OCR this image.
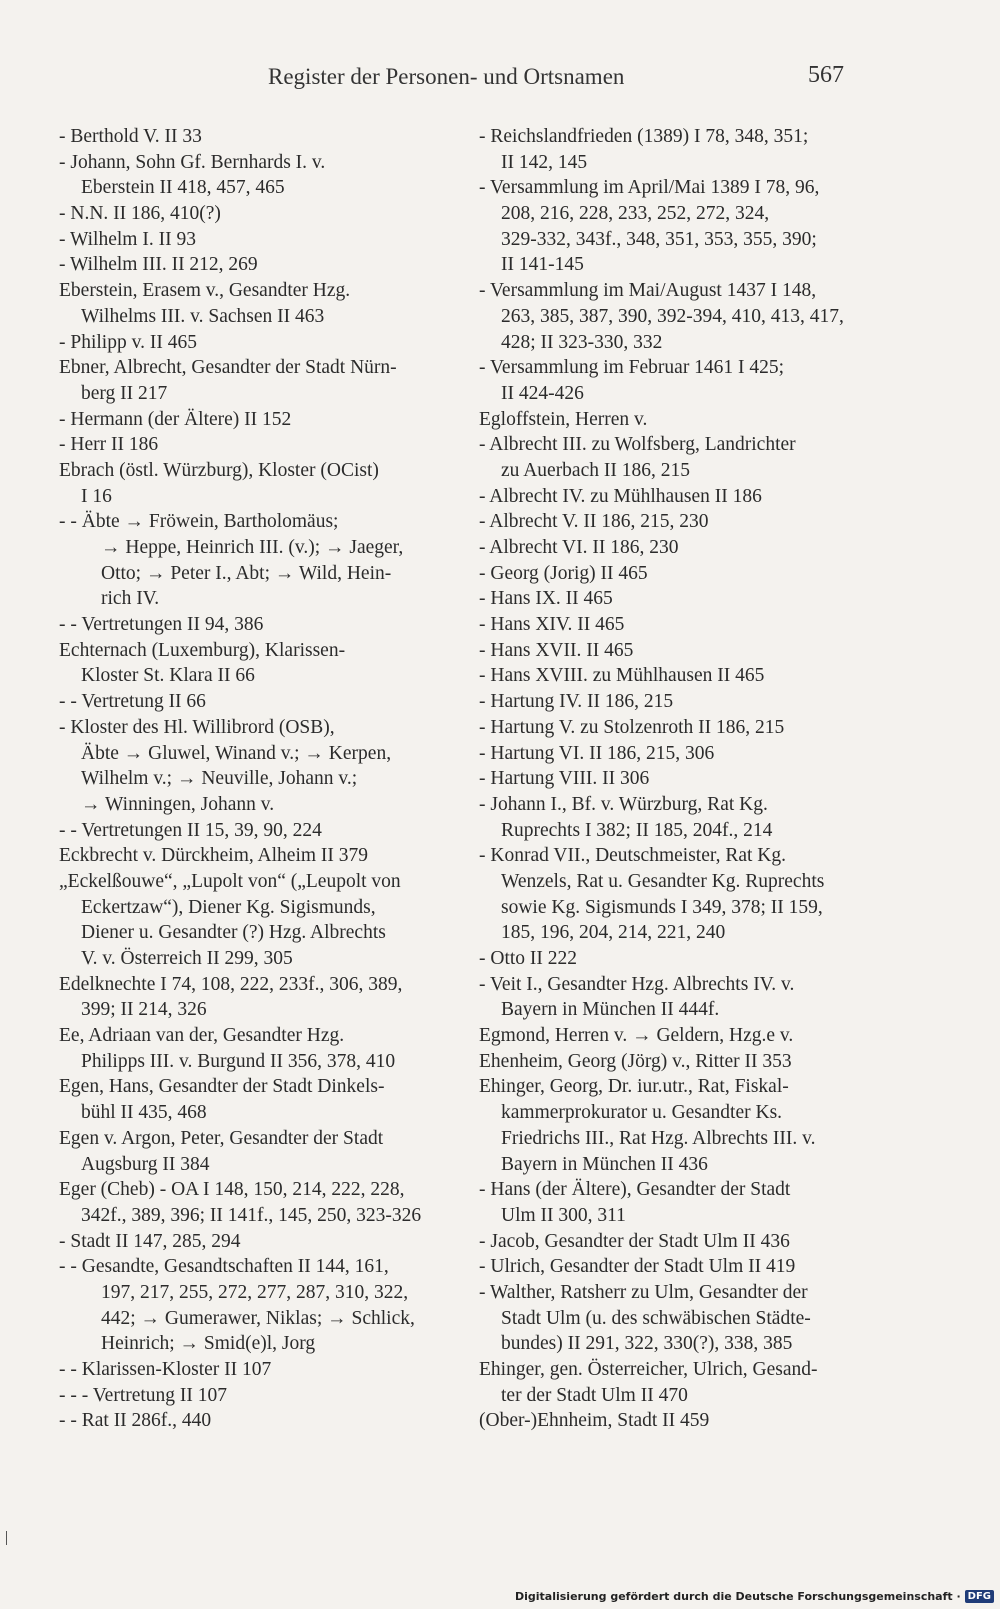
Register der Personen- und Ortsnamen	567
- Berthold V. II 33
- Johann, Sohn Gf. Bernhards I. v.
Eberstein II 418, 457, 465
- N.N. II 186, 410(?)
- Wilhelm I. II 93
- Wilhelm III. II 212, 269
Eberstein, Erasem v., Gesandter Hzg.
Wilhelms III. v. Sachsen II 463
- Philipp v. II 465
Ebner, Albrecht, Gesandter der Stadt Nürn-
berg II 217
- Hermann (der Ältere) II 152
- Herr II 186
Ebrach (östl. Würzburg), Kloster (OCist)
I 16
- - Äbte → Fröwein, Bartholomäus;
→ Heppe, Heinrich III. (v.); → Jaeger,
Otto; → Peter I., Abt; → Wild, Hein-
rich IV.
- - Vertretungen II 94, 386
Echternach (Luxemburg), Klarissen-
Kloster St. Klara II 66
- - Vertretung II 66
- Kloster des Hl. Willibrord (OSB),
Äbte → Gluwel, Winand v.; → Kerpen,
Wilhelm v.; → Neuville, Johann v.;
→ Winningen, Johann v.
- - Vertretungen II 15, 39, 90, 224
Eckbrecht v. Dürckheim, Alheim II 379
„Eckelßouwe“, „Lupolt von“ („Leupolt von
Eckertzaw“), Diener Kg. Sigismunds,
Diener u. Gesandter (?) Hzg. Albrechts
V. v. Österreich II 299, 305
Edelknechte I 74, 108, 222, 233f., 306, 389,
399; II 214, 326
Ee, Adriaan van der, Gesandter Hzg.
Philipps III. v. Burgund II 356, 378, 410
Egen, Hans, Gesandter der Stadt Dinkels-
bühl II 435, 468
Egen v. Argon, Peter, Gesandter der Stadt
Augsburg II 384
Eger (Cheb) - OA I 148, 150, 214, 222, 228,
342f., 389, 396; II 141f., 145, 250, 323-326
- Stadt II 147, 285, 294
- - Gesandte, Gesandtschaften II 144, 161,
197, 217, 255, 272, 277, 287, 310, 322,
442; → Gumerawer, Niklas; → Schlick,
Heinrich; → Smid(e)l, Jorg
- - Klarissen-Kloster II 107
- - - Vertretung II 107
- - Rat II 286f., 440
- Reichslandfrieden (1389) I 78, 348, 351;
II 142, 145
- Versammlung im April/Mai 1389 I 78, 96,
208, 216, 228, 233, 252, 272, 324,
329-332, 343f., 348, 351, 353, 355, 390;
II 141-145
- Versammlung im Mai/August 1437 I 148,
263, 385, 387, 390, 392-394, 410, 413, 417,
428; II 323-330, 332
- Versammlung im Februar 1461 I 425;
II 424-426
Egloffstein, Herren v.
- Albrecht III. zu Wolfsberg, Landrichter
zu Auerbach II 186, 215
- Albrecht IV. zu Mühlhausen II 186
- Albrecht V. II 186, 215, 230
- Albrecht VI. II 186, 230
- Georg (Jorig) II 465
- Hans IX. II 465
- Hans XIV. II 465
- Hans XVII. II 465
- Hans XVIII. zu Mühlhausen II 465
- Hartung IV. II 186, 215
- Hartung V. zu Stolzenroth II 186, 215
- Hartung VI. II 186, 215, 306
- Hartung VIII. II 306
- Johann I., Bf. v. Würzburg, Rat Kg.
Ruprechts I 382; II 185, 204f., 214
- Konrad VII., Deutschmeister, Rat Kg.
Wenzels, Rat u. Gesandter Kg. Ruprechts
sowie Kg. Sigismunds I 349, 378; II 159,
185, 196, 204, 214, 221, 240
- Otto II 222
- Veit I., Gesandter Hzg. Albrechts IV. v.
Bayern in München II 444f.
Egmond, Herren v. → Geldern, Hzg.e v.
Ehenheim, Georg (Jörg) v., Ritter II 353
Ehinger, Georg, Dr. iur.utr., Rat, Fiskal-
kammerprokurator u. Gesandter Ks.
Friedrichs III., Rat Hzg. Albrechts III. v.
Bayern in München II 436
- Hans (der Ältere), Gesandter der Stadt
Ulm II 300, 311
- Jacob, Gesandter der Stadt Ulm II 436
- Ulrich, Gesandter der Stadt Ulm II 419
- Walther, Ratsherr zu Ulm, Gesandter der
Stadt Ulm (u. des schwäbischen Städte-
bundes) II 291, 322, 330(?), 338, 385
Ehinger, gen. Österreicher, Ulrich, Gesand-
ter der Stadt Ulm II 470
(Ober-)Ehnheim, Stadt II 459
Digitalisierung gefördert durch die Deutsche Forschungsgemeinschaft · DFG
